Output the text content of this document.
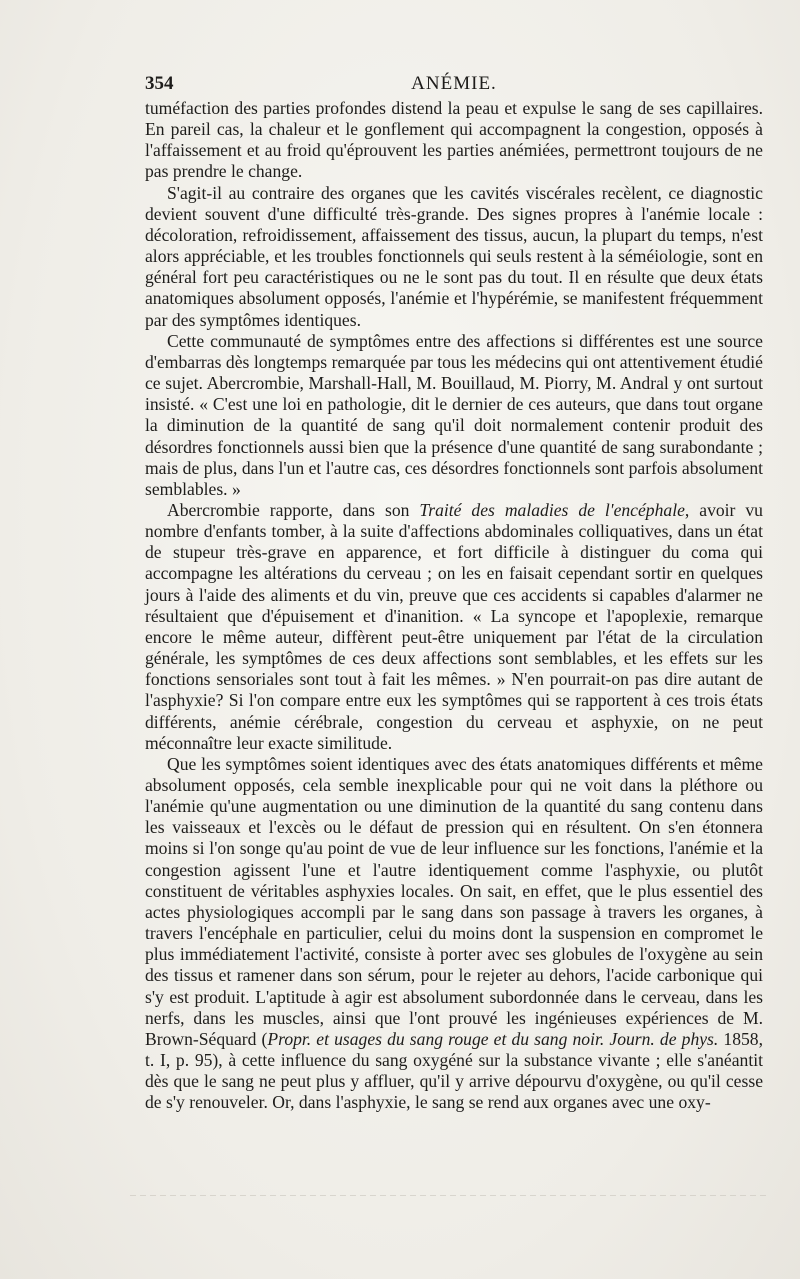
354	ANÉMIE.

tuméfaction des parties profondes distend la peau et expulse le sang de ses capillaires. En pareil cas, la chaleur et le gonflement qui accompagnent la congestion, opposés à l'affaissement et au froid qu'éprouvent les parties anémiées, permettront toujours de ne pas prendre le change.

S'agit-il au contraire des organes que les cavités viscérales recèlent, ce diagnostic devient souvent d'une difficulté très-grande. Des signes propres à l'anémie locale : décoloration, refroidissement, affaissement des tissus, aucun, la plupart du temps, n'est alors appréciable, et les troubles fonctionnels qui seuls restent à la séméiologie, sont en général fort peu caractéristiques ou ne le sont pas du tout. Il en résulte que deux états anatomiques absolument opposés, l'anémie et l'hypérémie, se manifestent fréquemment par des symptômes identiques.

Cette communauté de symptômes entre des affections si différentes est une source d'embarras dès longtemps remarquée par tous les médecins qui ont attentivement étudié ce sujet. Abercrombie, Marshall-Hall, M. Bouillaud, M. Piorry, M. Andral y ont surtout insisté. « C'est une loi en pathologie, dit le dernier de ces auteurs, que dans tout organe la diminution de la quantité de sang qu'il doit normalement contenir produit des désordres fonctionnels aussi bien que la présence d'une quantité de sang surabondante ; mais de plus, dans l'un et l'autre cas, ces désordres fonctionnels sont parfois absolument semblables. »

Abercrombie rapporte, dans son Traité des maladies de l'encéphale, avoir vu nombre d'enfants tomber, à la suite d'affections abdominales colliquatives, dans un état de stupeur très-grave en apparence, et fort difficile à distinguer du coma qui accompagne les altérations du cerveau ; on les en faisait cependant sortir en quelques jours à l'aide des aliments et du vin, preuve que ces accidents si capables d'alarmer ne résultaient que d'épuisement et d'inanition. « La syncope et l'apoplexie, remarque encore le même auteur, diffèrent peut-être uniquement par l'état de la circulation générale, les symptômes de ces deux affections sont semblables, et les effets sur les fonctions sensoriales sont tout à fait les mêmes. » N'en pourrait-on pas dire autant de l'asphyxie? Si l'on compare entre eux les symptômes qui se rapportent à ces trois états différents, anémie cérébrale, congestion du cerveau et asphyxie, on ne peut méconnaître leur exacte similitude.

Que les symptômes soient identiques avec des états anatomiques différents et même absolument opposés, cela semble inexplicable pour qui ne voit dans la pléthore ou l'anémie qu'une augmentation ou une diminution de la quantité du sang contenu dans les vaisseaux et l'excès ou le défaut de pression qui en résultent. On s'en étonnera moins si l'on songe qu'au point de vue de leur influence sur les fonctions, l'anémie et la congestion agissent l'une et l'autre identiquement comme l'asphyxie, ou plutôt constituent de véritables asphyxies locales. On sait, en effet, que le plus essentiel des actes physiologiques accompli par le sang dans son passage à travers les organes, à travers l'encéphale en particulier, celui du moins dont la suspension en compromet le plus immédiatement l'activité, consiste à porter avec ses globules de l'oxygène au sein des tissus et ramener dans son sérum, pour le rejeter au dehors, l'acide carbonique qui s'y est produit. L'aptitude à agir est absolument subordonnée dans le cerveau, dans les nerfs, dans les muscles, ainsi que l'ont prouvé les ingénieuses expériences de M. Brown-Séquard (Propr. et usages du sang rouge et du sang noir. Journ. de phys. 1858, t. I, p. 95), à cette influence du sang oxygéné sur la substance vivante ; elle s'anéantit dès que le sang ne peut plus y affluer, qu'il y arrive dépourvu d'oxygène, ou qu'il cesse de s'y renouveler. Or, dans l'asphyxie, le sang se rend aux organes avec une oxy-
